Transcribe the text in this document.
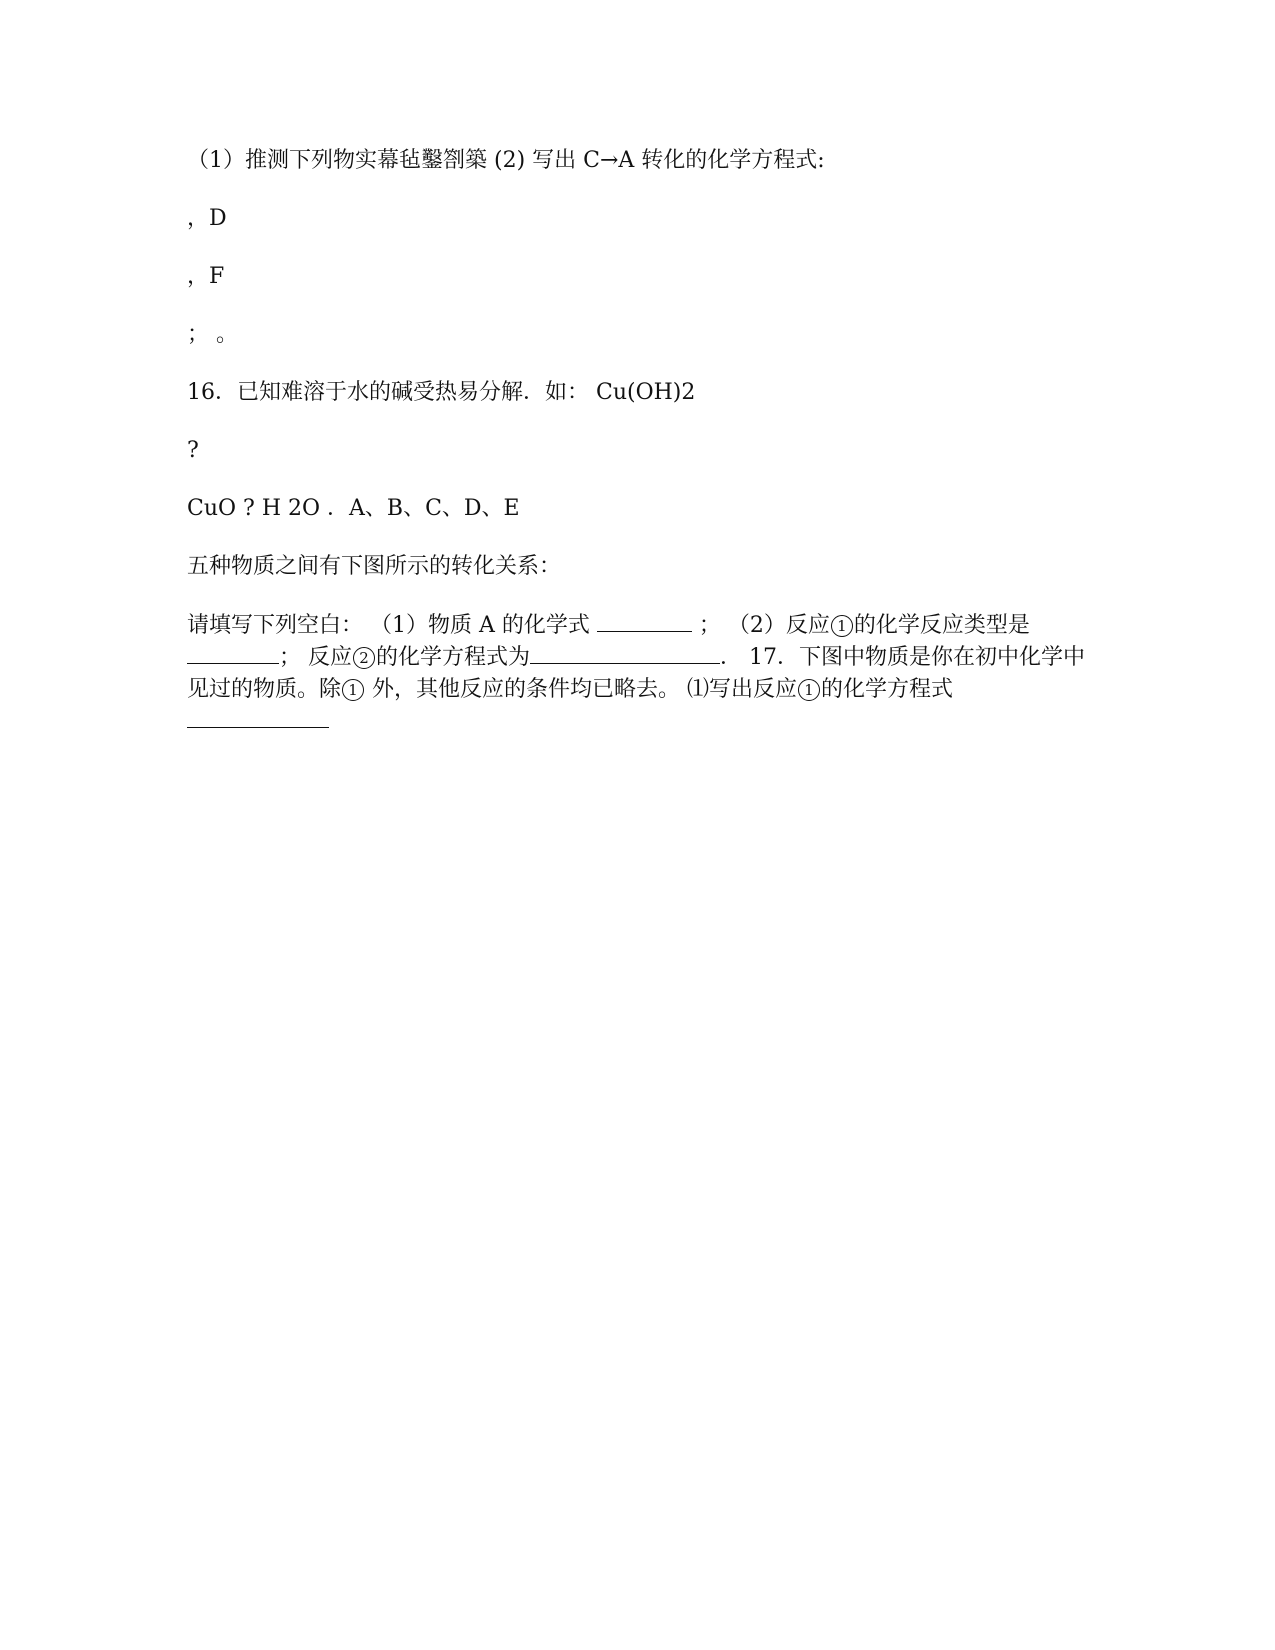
（1）推测下列物实幕毡鑿劄築 (2) 写出 C→A 转化的化学方程式:
，D
，F
； 。
16．已知难溶于水的碱受热易分解．如： Cu(OH)2
?
CuO ? H 2O ．A、B、C、D、E
五种物质之间有下图所示的转化关系：
请填写下列空白： （1）物质 A 的化学式	； （2）反应 1 的化学反应类型是； 反应 2 的化学方程式为	． 17．下图中物质是你在初中化学中见过的物质。除 1 外，其他反应的条件均已略去。 ⑴写出反应 1 的化学方程式
